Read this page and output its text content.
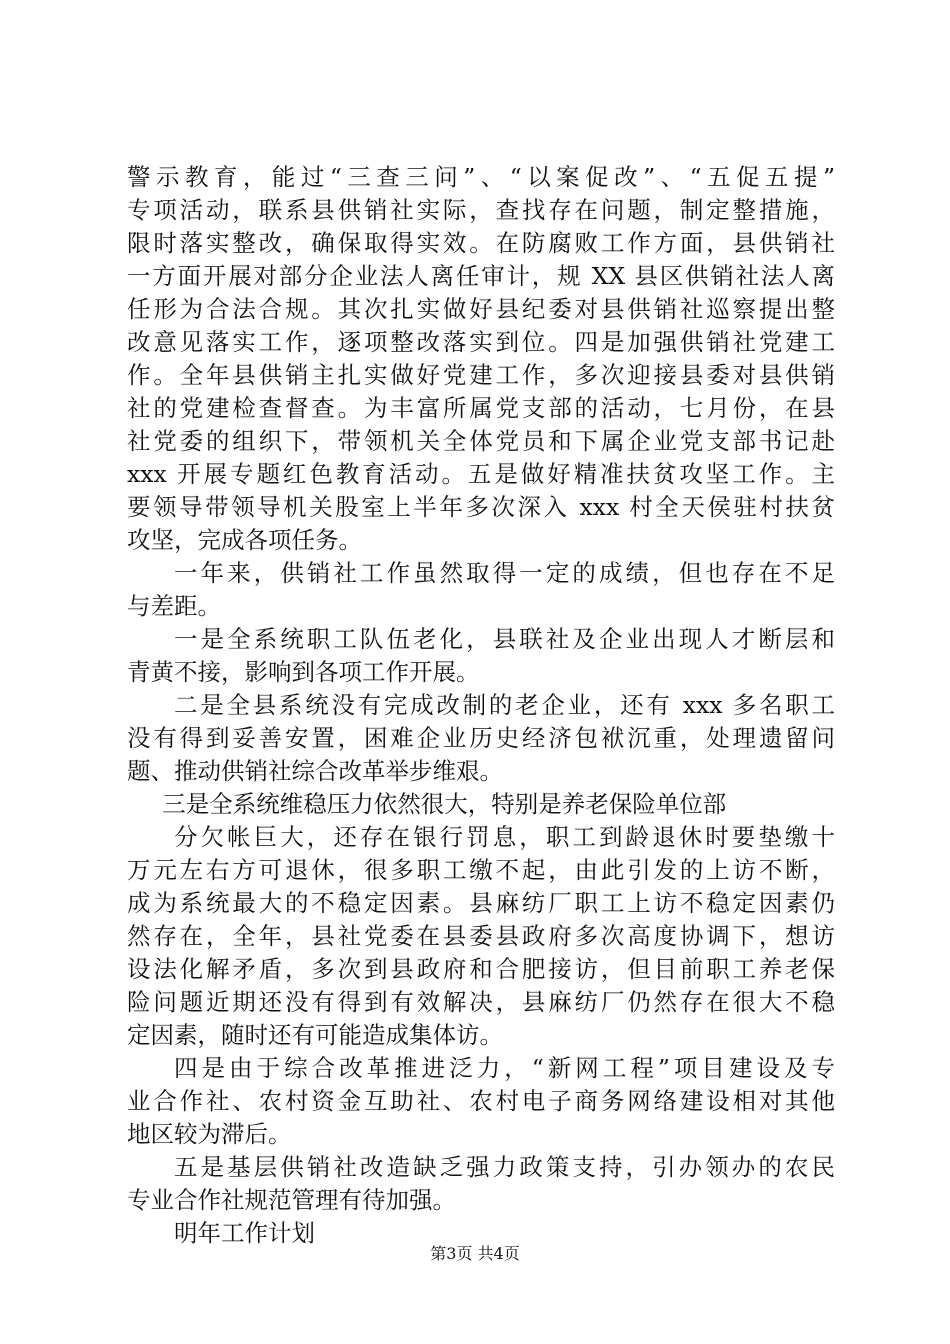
警示教育，能过“三查三问”、“以案促改”、“五促五提”
专项活动，联系县供销社实际，查找存在问题，制定整措施，
限时落实整改，确保取得实效。在防腐败工作方面，县供销社
一方面开展对部分企业法人离任审计，规 XX 县区供销社法人离
任形为合法合规。其次扎实做好县纪委对县供销社巡察提出整
改意见落实工作，逐项整改落实到位。四是加强供销社党建工
作。全年县供销主扎实做好党建工作，多次迎接县委对县供销
社的党建检查督查。为丰富所属党支部的活动，七月份，在县
社党委的组织下，带领机关全体党员和下属企业党支部书记赴
xxx 开展专题红色教育活动。五是做好精准扶贫攻坚工作。主
要领导带领导机关股室上半年多次深入 xxx 村全天侯驻村扶贫
攻坚，完成各项任务。
一年来，供销社工作虽然取得一定的成绩，但也存在不足
与差距。
一是全系统职工队伍老化，县联社及企业出现人才断层和
青黄不接，影响到各项工作开展。
二是全县系统没有完成改制的老企业，还有 xxx 多名职工
没有得到妥善安置，困难企业历史经济包袱沉重，处理遗留问
题、推动供销社综合改革举步维艰。
三是全系统维稳压力依然很大，特别是养老保险单位部
分欠帐巨大，还存在银行罚息，职工到龄退休时要垫缴十
万元左右方可退休，很多职工缴不起，由此引发的上访不断，
成为系统最大的不稳定因素。县麻纺厂职工上访不稳定因素仍
然存在，全年，县社党委在县委县政府多次高度协调下，想访
设法化解矛盾，多次到县政府和合肥接访，但目前职工养老保
险问题近期还没有得到有效解决，县麻纺厂仍然存在很大不稳
定因素，随时还有可能造成集体访。
四是由于综合改革推进泛力，“新网工程”项目建设及专
业合作社、农村资金互助社、农村电子商务网络建设相对其他
地区较为滞后。
五是基层供销社改造缺乏强力政策支持，引办领办的农民
专业合作社规范管理有待加强。
明年工作计划
第3页 共4页
